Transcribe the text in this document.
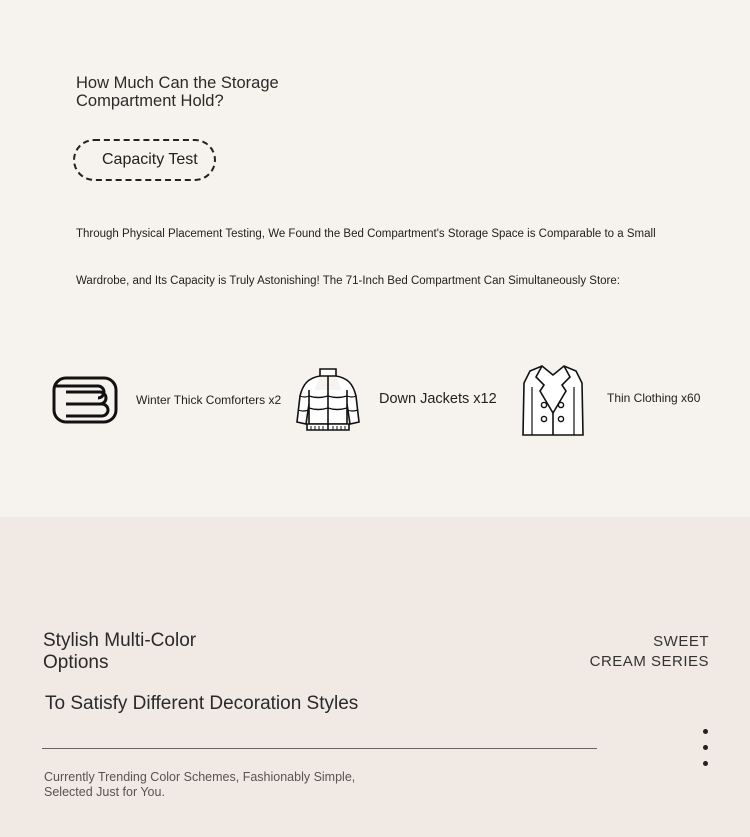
How Much Can the Storage Compartment Hold?
Capacity Test
Through Physical Placement Testing, We Found the Bed Compartment's Storage Space is Comparable to a Small
Wardrobe, and Its Capacity is Truly Astonishing! The 71-Inch Bed Compartment Can Simultaneously Store:
Winter Thick Comforters x2	Down Jackets x12	Thin Clothing x60
Stylish Multi-Color Options
SWEET
CREAM SERIES
To Satisfy Different Decoration Styles
Currently Trending Color Schemes, Fashionably Simple, Selected Just for You.
